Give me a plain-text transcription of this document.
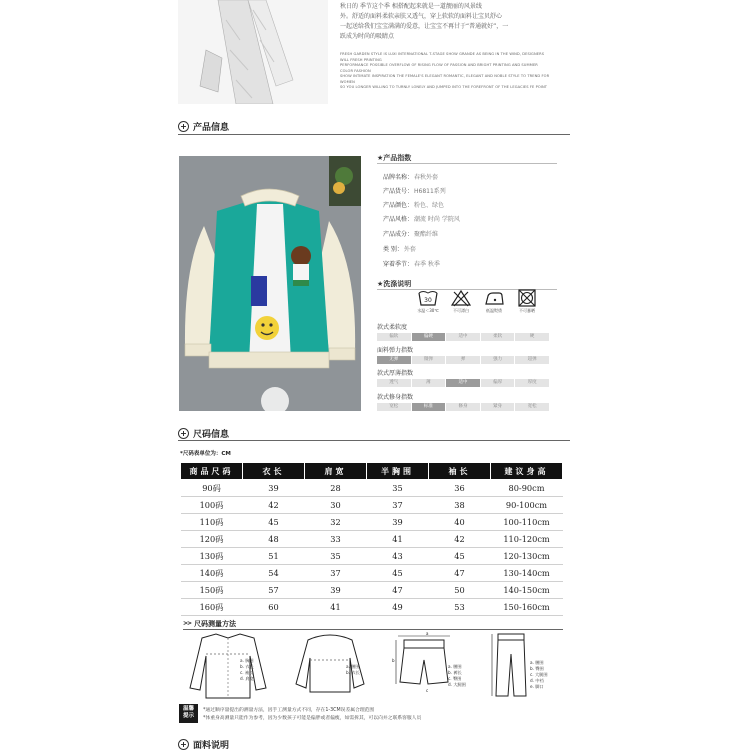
秋日的 季节这个季 相搭配起来就是一道靓丽的风景线

外。舒适的面料柔软亲肤又透气，穿上软软的面料让宝贝舒心

一起送给我们宝宝满满的爱意，让宝宝不再甘于“普通就好”，一

跃成为时尚的吸睛点

FRESH GARDEN STYLE IS LUXI INTERNATIONAL T-STAGE SHOW GRANDE AS BEING IN THE WIND, DESIGNERS WILL FRESH PRINTING
PERFORMANCE POSSIBLE OVERFLOW OF RISING FLOW OF PASSION AND BRIGHT PRINTING AND SUMMER COLOR FASHION
SHOW INTIMATE INSPIRATION THE FEMALE'S ELEGANT ROMANTIC, ELEGANT AND NOBLE STYLE TO TREND FOR WOMEN
SO YOU LONGER WILLING TO TURNLY LONELY AND JUMPED INTO THE FOREFRONT OF THE LEGACIES FE POINT
+ 产品信息
★产品指数
品牌名称：春秋外套
产品货号：H6811系列
产品颜色：粉色、绿色
产品风格：潮流 时尚 学院风
产品成分：聚酯纤维
类 别：外套
穿着季节：春季 秋季
★洗涤说明
30
水温＜30℃	不可漂白	低温熨烫	不可暴晒
款式柔软度
偏软	偏硬	适中	柔软	硬
面料弹力指数
无弹	微弹	弹	强力	超弹
款式厚薄指数
透气	薄	适中	偏厚	厚度
款式修身指数
宽松	标准	修身	紧身	宽松
+ 尺码信息
*尺码表单位为：CM
商品尺码	衣长	肩宽	半胸围	袖长	建议身高
90码	39	28	35	36	80-90cm
100码	42	30	37	38	90-100cm
110码	45	32	39	40	100-110cm
120码	48	33	41	42	110-120cm
130码	51	35	43	45	120-130cm
140码	54	37	45	47	130-140cm
150码	57	39	47	50	140-150cm
160码	60	41	49	53	150-160cm
>> 尺码测量方法
a. 胸围
b. 衣长
c. 袖长
d. 肩宽
a. 腰围
b. 衣长
a
b
c
a. 腰围
b. 裤长
c. 臀围
d. 大腿围
a. 腰围
b. 臀围
c. 大腿围
d. 中裆
e. 脚口
温馨
提示
*通过顺序量提出的测量方法，因手工测量方式不同，存在1-3CM误差属合理范围
*体重身高测量只能作为参考，因为少数孩子可能是偏胖或者偏瘦，如需拆其，可以向并之联系客服人员
+ 面料说明
